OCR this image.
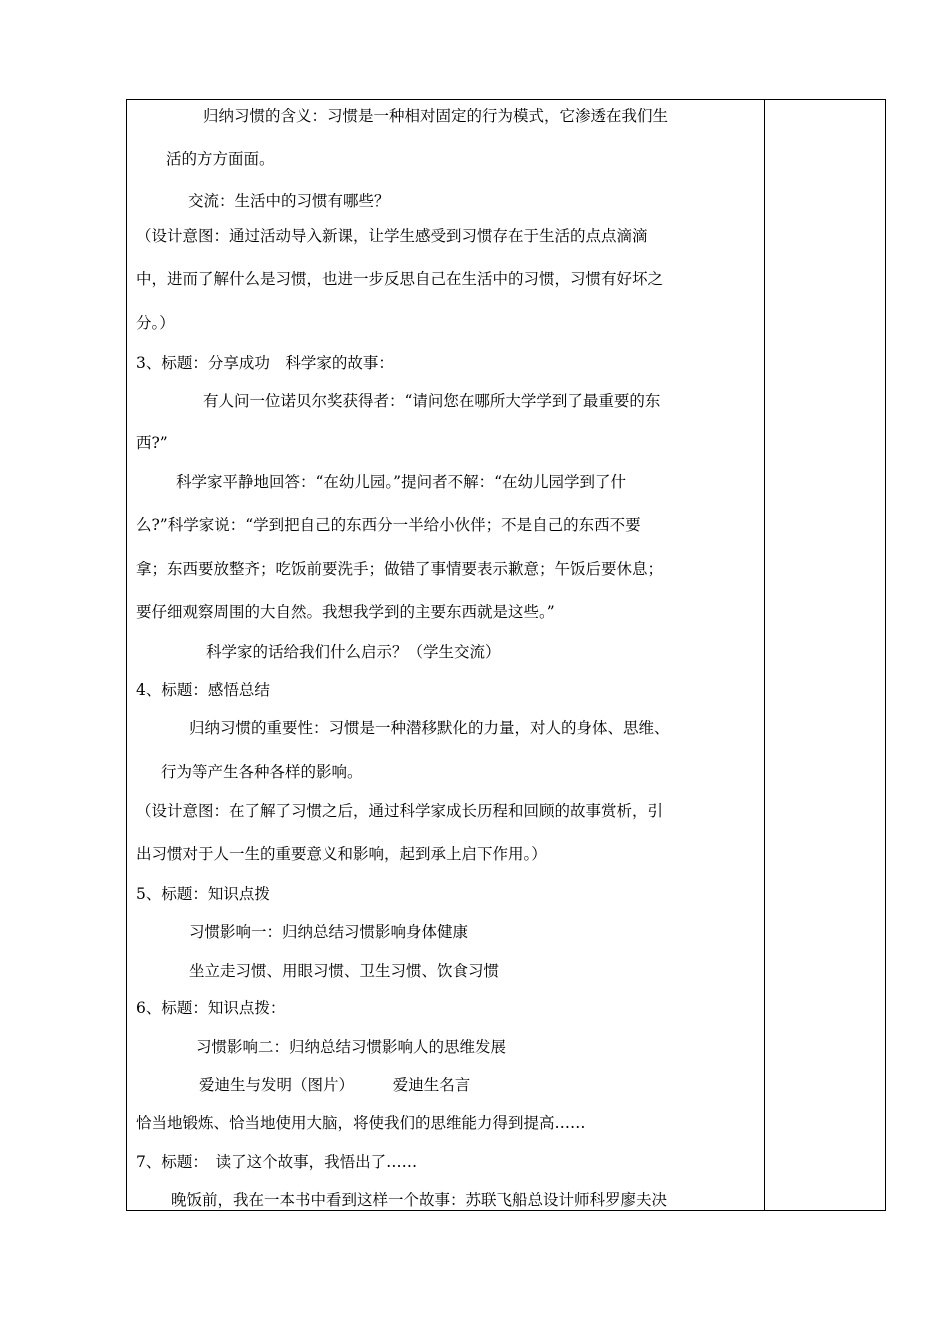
归纳习惯的含义：习惯是一种相对固定的行为模式，它渗透在我们生
活的方方面面。
交流：生活中的习惯有哪些？
（设计意图：通过活动导入新课，让学生感受到习惯存在于生活的点点滴滴
中，进而了解什么是习惯，也进一步反思自己在生活中的习惯，习惯有好坏之
分。）
3、标题：分享成功　科学家的故事：
有人问一位诺贝尔奖获得者：“请问您在哪所大学学到了最重要的东
西?”
科学家平静地回答：“在幼儿园。”提问者不解：“在幼儿园学到了什
么?”科学家说：“学到把自己的东西分一半给小伙伴；不是自己的东西不要
拿；东西要放整齐；吃饭前要洗手；做错了事情要表示歉意；午饭后要休息；
要仔细观察周围的大自然。我想我学到的主要东西就是这些。”
科学家的话给我们什么启示？（学生交流）
4、标题：感悟总结
归纳习惯的重要性：习惯是一种潜移默化的力量，对人的身体、思维、
行为等产生各种各样的影响。
（设计意图：在了解了习惯之后，通过科学家成长历程和回顾的故事赏析，引
出习惯对于人一生的重要意义和影响，起到承上启下作用。）
5、标题：知识点拨
习惯影响一：归纳总结习惯影响身体健康
坐立走习惯、用眼习惯、卫生习惯、饮食习惯
6、标题：知识点拨：
习惯影响二：归纳总结习惯影响人的思维发展
爱迪生与发明（图片）　　　爱迪生名言
恰当地锻炼、恰当地使用大脑，将使我们的思维能力得到提高……
7、标题：　读了这个故事，我悟出了……
晚饭前，我在一本书中看到这样一个故事：苏联飞船总设计师科罗廖夫决
